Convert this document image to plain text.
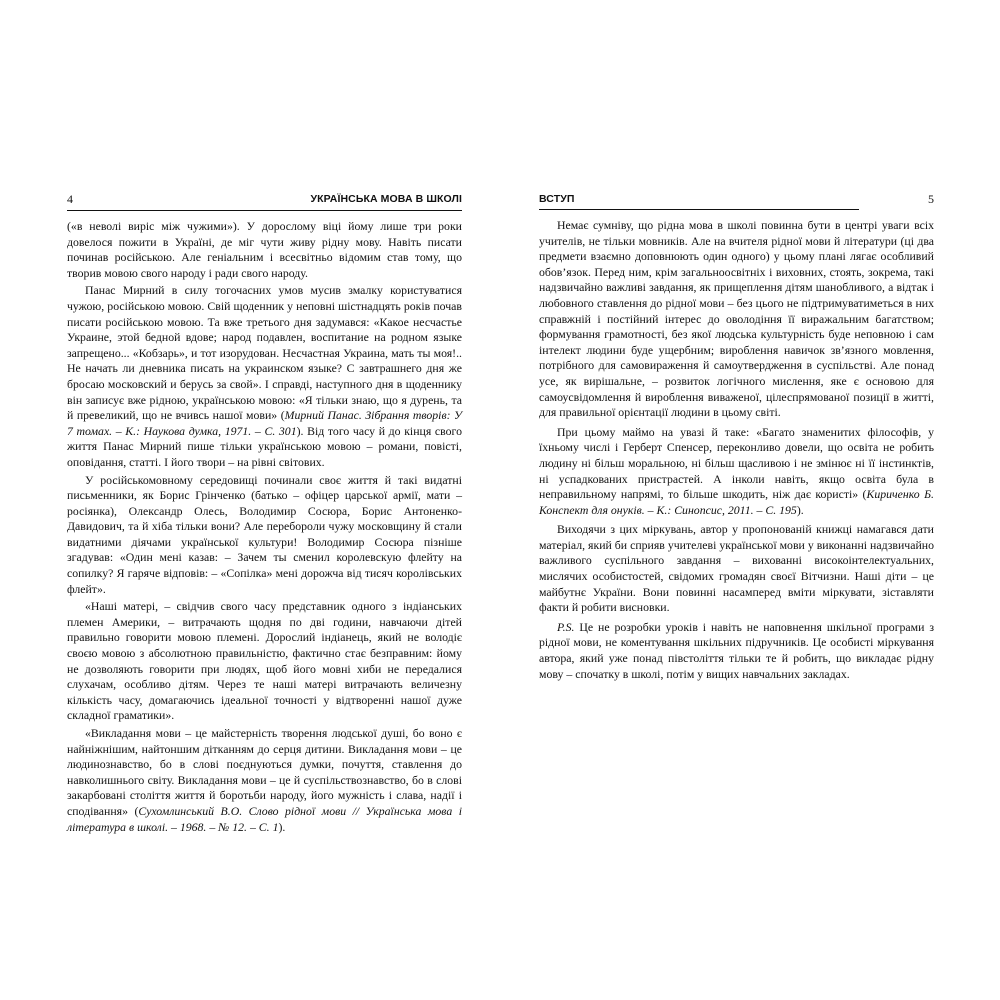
4	УКРАЇНСЬКА МОВА В ШКОЛІ

(«в неволі виріс між чужими»). У дорослому віці йому лише три роки довелося пожити в Україні, де міг чути живу рідну мову. Навіть писати починав російською. Але геніальним і всесвітньо відомим став тому, що творив мовою свого народу і ради свого народу.

Панас Мирний в силу тогочасних умов мусив змалку користуватися чужою, російською мовою. Свій щоденник у неповні шістнадцять років почав писати російською мовою. Та вже третього дня задумався: «Какое несчастье Украине, этой бедной вдове; народ подавлен, воспитание на родном языке запрещено... «Кобзарь», и тот изорудован. Несчастная Украина, мать ты моя!.. Не начать ли дневника писать на украинском языке? С завтрашнего дня же бросаю московский и берусь за свой». І справді, наступного дня в щоденнику він записує вже рідною, українською мовою: «Я тільки знаю, що я дурень, та й превеликий, що не вчивсь нашої мови» (Мирний Панас. Зібрання творів: У 7 томах. – К.: Наукова думка, 1971. – С. 301). Від того часу й до кінця свого життя Панас Мирний пише тільки українською мовою – романи, повісті, оповідання, статті. І його твори – на рівні світових.

У російськомовному середовищі починали своє життя й такі видатні письменники, як Борис Грінченко (батько – офіцер царської армії, мати – росіянка), Олександр Олесь, Володимир Сосюра, Борис Антоненко-Давидович, та й хіба тільки вони? Але переборoли чужу московщину й стали видатними діячами української культури! Володимир Сосюра пізніше згадував: «Один мені казав: – Зачем ты сменил королевскую флейту на сопилку? Я гаряче відповів: – «Сопілка» мені дорожча від тисяч королівських флейт».

«Наші матері, – свідчив свого часу представник одного з індіанських племен Америки, – витрачають щодня по дві години, навчаючи дітей правильно говорити мовою племені. Дорослий індіанець, який не володіє своєю мовою з абсолютною правильністю, фактично стає безправним: йому не дозволяють говорити при людях, щоб його мовні хиби не передалися слухачам, особливо дітям. Через те наші матері витрачають величезну кількість часу, домагаючись ідеальної точності у відтворенні нашої дуже складної граматики».

«Викладання мови – це майстерність творення людської душі, бо воно є найніжнішим, найтоншим дітканням до серця дитини. Викладання мови – це людинознавство, бо в слові поєднуються думки, почуття, ставлення до навколишнього світу. Викладання мови – це й суспільствознавство, бо в слові закарбовані століття життя й боротьби народу, його мужність і слава, надії і сподівання» (Сухомлинський В.О. Слово рідної мови // Українська мова і література в школі. – 1968. – № 12. – С. 1).

ВСТУП	5

Немає сумніву, що рідна мова в школі повинна бути в центрі уваги всіх учителів, не тільки мовників. Але на вчителя рідної мови й літератури (ці два предмети взаємно доповнюють один одного) у цьому плані лягає особливий обов’язок. Перед ним, крім загальноосвітніх і виховних, стоять, зокрема, такі надзвичайно важливі завдання, як прищеплення дітям шанобливого, а відтак і любовного ставлення до рідної мови – без цього не підтримуватиметься в них справжній і постійний інтерес до оволодіння її виражальним багатством; формування грамотності, без якої людська культурність буде неповною і сам інтелект людини буде ущербним; вироблення навичок зв’язного мовлення, потрібного для самовираження й самоутвердження в суспільстві. Але понад усе, як вирішальне, – розвиток логічного мислення, яке є основою для самоусвідомлення й вироблення виваженої, цілеспрямованої позиції в житті, для правильної орієнтації людини в цьому світі.

При цьому маймо на увазі й таке: «Багато знаменитих філософів, у їхньому числі і Герберт Спенсер, переконливо довели, що освіта не робить людину ні більш моральною, ні більш щасливою і не змінює ні її інстинктів, ні успадкованих пристрастей. А інколи навіть, якщо освіта була в неправильному напрямі, то більше шкодить, ніж дає користі» (Кириченко Б. Конспект для онуків. – К.: Синопсис, 2011. – С. 195).

Виходячи з цих міркувань, автор у пропонованій книжці намагався дати матеріал, який би сприяв учителеві української мови у виконанні надзвичайно важливого суспільного завдання – вихованні високоінтелектуальних, мислячих особистостей, свідомих громадян своєї Вітчизни. Наші діти – це майбутнє України. Вони повинні насамперед вміти міркувати, зіставляти факти й робити висновки.

P.S. Це не розробки уроків і навіть не наповнення шкільної програми з рідної мови, не коментування шкільних підручників. Це особисті міркування автора, який уже понад півстоліття тільки те й робить, що викладає рідну мову – спочатку в школі, потім у вищих навчальних закладах.
